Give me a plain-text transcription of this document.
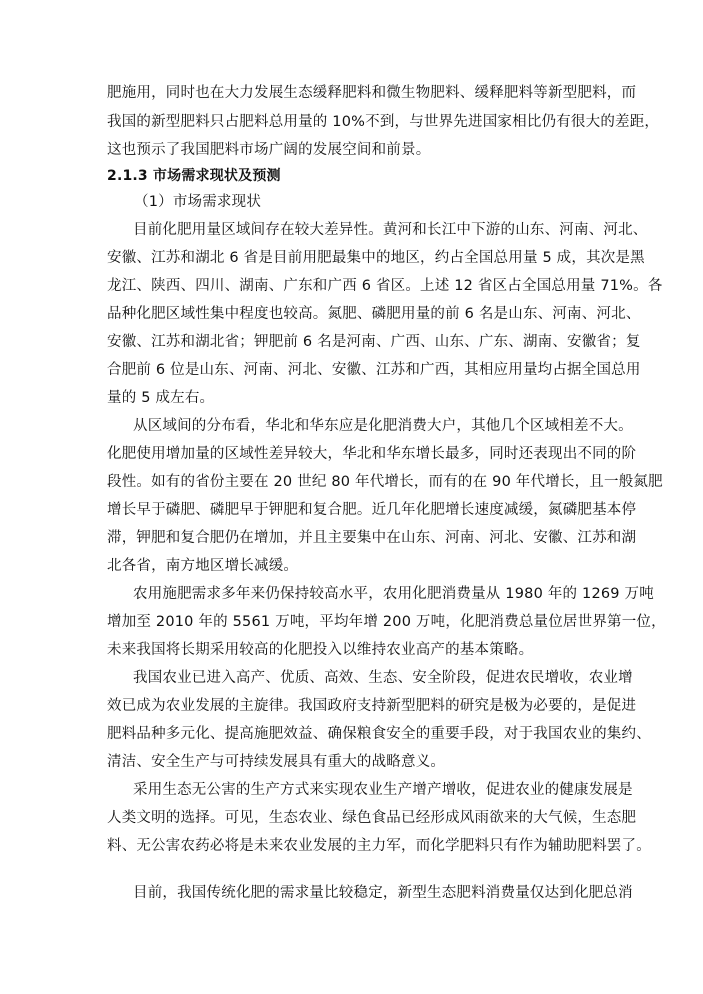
肥施用，同时也在大力发展生态缓释肥料和微生物肥料、缓释肥料等新型肥料，而
我国的新型肥料只占肥料总用量的 10%不到，与世界先进国家相比仍有很大的差距，
这也预示了我国肥料市场广阔的发展空间和前景。
2.1.3 市场需求现状及预测
（1）市场需求现状
目前化肥用量区域间存在较大差异性。黄河和长江中下游的山东、河南、河北、
安徽、江苏和湖北 6 省是目前用肥最集中的地区，约占全国总用量 5 成，其次是黑
龙江、陕西、四川、湖南、广东和广西 6 省区。上述 12 省区占全国总用量 71%。各
品种化肥区域性集中程度也较高。氮肥、磷肥用量的前 6 名是山东、河南、河北、
安徽、江苏和湖北省；钾肥前 6 名是河南、广西、山东、广东、湖南、安徽省；复
合肥前 6 位是山东、河南、河北、安徽、江苏和广西，其相应用量均占据全国总用
量的 5 成左右。
从区域间的分布看，华北和华东应是化肥消费大户，其他几个区域相差不大。
化肥使用增加量的区域性差异较大，华北和华东增长最多，同时还表现出不同的阶
段性。如有的省份主要在 20 世纪 80 年代增长，而有的在 90 年代增长，且一般氮肥
增长早于磷肥、磷肥早于钾肥和复合肥。近几年化肥增长速度减缓，氮磷肥基本停
滞，钾肥和复合肥仍在增加，并且主要集中在山东、河南、河北、安徽、江苏和湖
北各省，南方地区增长减缓。
农用施肥需求多年来仍保持较高水平，农用化肥消费量从 1980 年的 1269 万吨
增加至 2010 年的 5561 万吨，平均年增 200 万吨，化肥消费总量位居世界第一位，
未来我国将长期采用较高的化肥投入以维持农业高产的基本策略。
我国农业已进入高产、优质、高效、生态、安全阶段，促进农民增收，农业增
效已成为农业发展的主旋律。我国政府支持新型肥料的研究是极为必要的，是促进
肥料品种多元化、提高施肥效益、确保粮食安全的重要手段，对于我国农业的集约、
清洁、安全生产与可持续发展具有重大的战略意义。
采用生态无公害的生产方式来实现农业生产增产增收，促进农业的健康发展是
人类文明的选择。可见，生态农业、绿色食品已经形成风雨欲来的大气候，生态肥
料、无公害农药必将是未来农业发展的主力军，而化学肥料只有作为辅助肥料罢了。
目前，我国传统化肥的需求量比较稳定，新型生态肥料消费量仅达到化肥总消
